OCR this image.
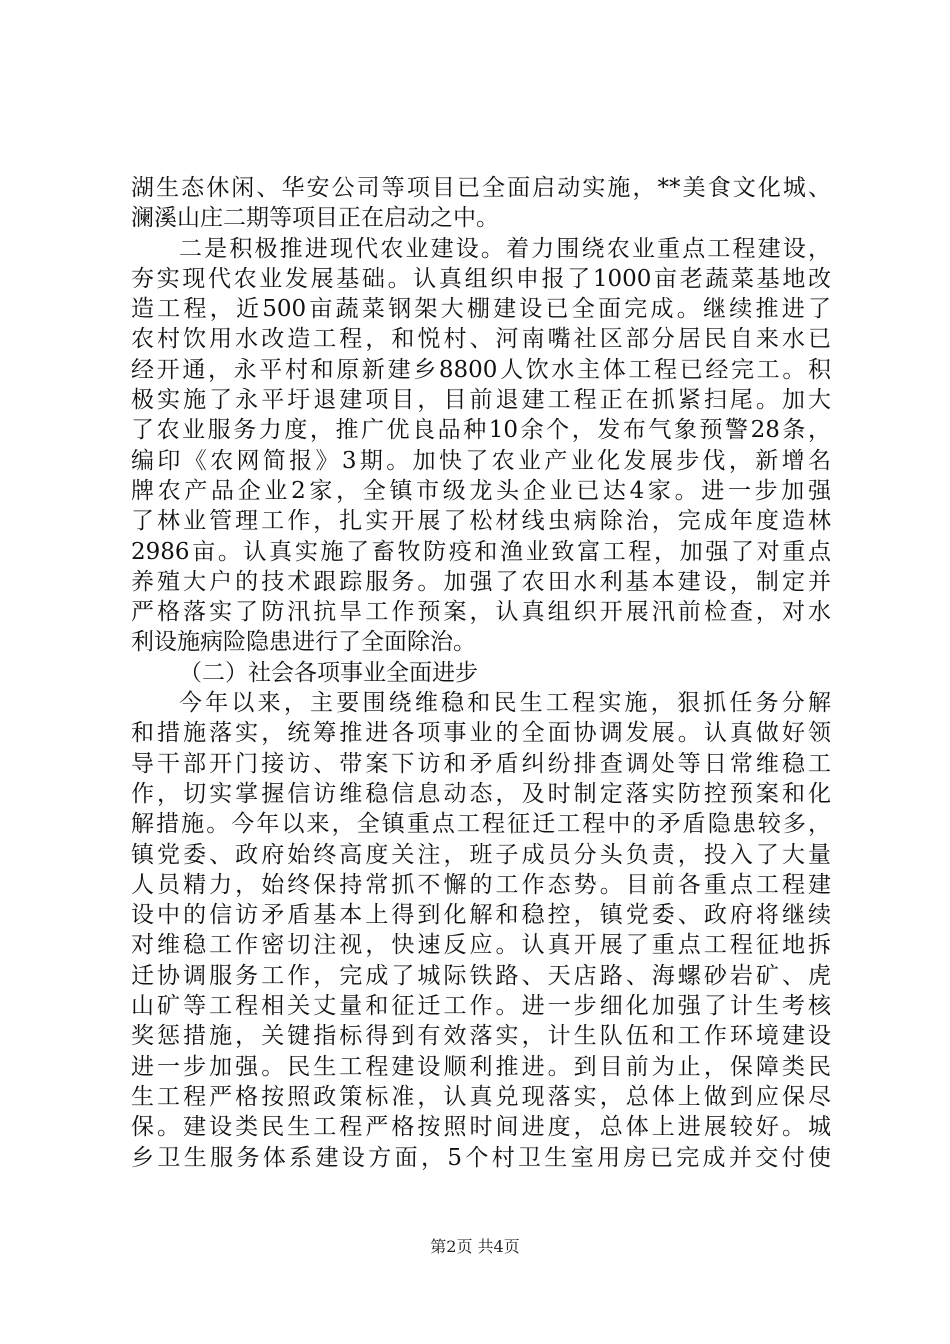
湖生态休闲、华安公司等项目已全面启动实施，**美食文化城、
澜溪山庄二期等项目正在启动之中。
二是积极推进现代农业建设。着力围绕农业重点工程建设，
夯实现代农业发展基础。认真组织申报了1000亩老蔬菜基地改
造工程，近500亩蔬菜钢架大棚建设已全面完成。继续推进了
农村饮用水改造工程，和悦村、河南嘴社区部分居民自来水已
经开通，永平村和原新建乡8800人饮水主体工程已经完工。积
极实施了永平圩退建项目，目前退建工程正在抓紧扫尾。加大
了农业服务力度，推广优良品种10余个，发布气象预警28条，
编印《农网简报》3期。加快了农业产业化发展步伐，新增名
牌农产品企业2家，全镇市级龙头企业已达4家。进一步加强
了林业管理工作，扎实开展了松材线虫病除治，完成年度造林
2986亩。认真实施了畜牧防疫和渔业致富工程，加强了对重点
养殖大户的技术跟踪服务。加强了农田水利基本建设，制定并
严格落实了防汛抗旱工作预案，认真组织开展汛前检查，对水
利设施病险隐患进行了全面除治。
（二）社会各项事业全面进步
今年以来，主要围绕维稳和民生工程实施，狠抓任务分解
和措施落实，统筹推进各项事业的全面协调发展。认真做好领
导干部开门接访、带案下访和矛盾纠纷排查调处等日常维稳工
作，切实掌握信访维稳信息动态，及时制定落实防控预案和化
解措施。今年以来，全镇重点工程征迁工程中的矛盾隐患较多，
镇党委、政府始终高度关注，班子成员分头负责，投入了大量
人员精力，始终保持常抓不懈的工作态势。目前各重点工程建
设中的信访矛盾基本上得到化解和稳控，镇党委、政府将继续
对维稳工作密切注视，快速反应。认真开展了重点工程征地拆
迁协调服务工作，完成了城际铁路、天店路、海螺砂岩矿、虎
山矿等工程相关丈量和征迁工作。进一步细化加强了计生考核
奖惩措施，关键指标得到有效落实，计生队伍和工作环境建设
进一步加强。民生工程建设顺利推进。到目前为止，保障类民
生工程严格按照政策标准，认真兑现落实，总体上做到应保尽
保。建设类民生工程严格按照时间进度，总体上进展较好。城
乡卫生服务体系建设方面，5个村卫生室用房已完成并交付使
第2页 共4页
